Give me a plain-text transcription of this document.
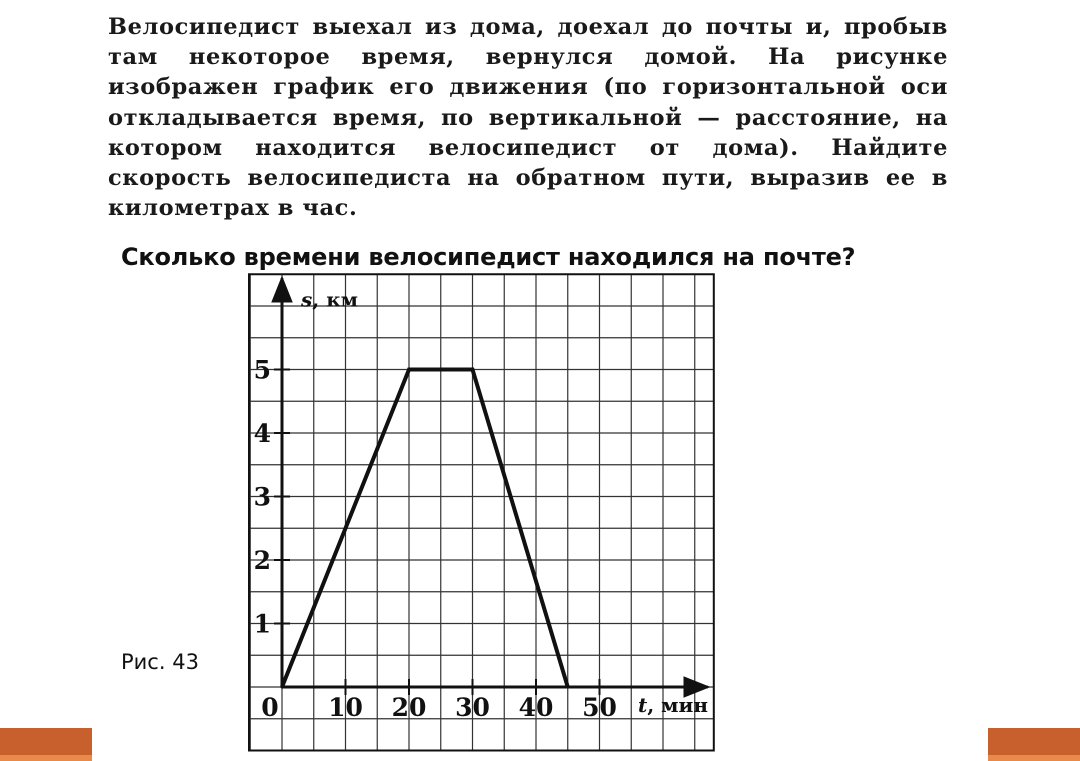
Велосипедист выехал из дома, доехал до почты и, пробыв там некоторое время, вернулся домой. На рисунке изображен график его движения (по горизонтальной оси откладывается время, по вертикальной — расстояние, на котором находится велосипедист от дома). Найдите скорость велосипедиста на обратном пути, выразив ее в километрах в час.

Сколько времени велосипедист находился на почте?

1
2
3
4
5
0 10 20 30 40 50
s, км
t, мин
Рис. 43
